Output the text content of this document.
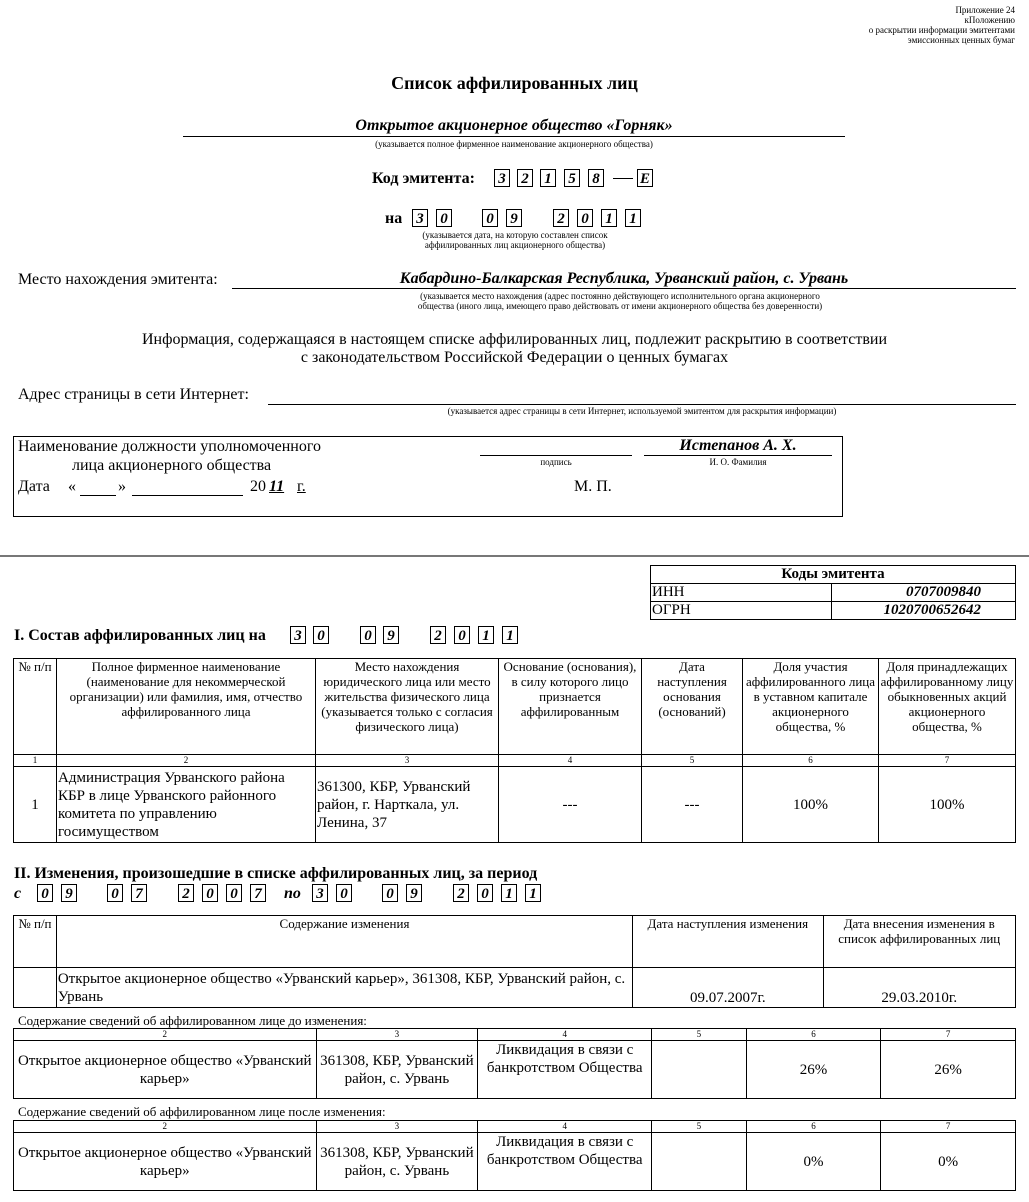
Приложение 24
кПоложению
о раскрытии информации эмитентами
эмиссионных ценных бумаг
Список аффилированных лиц
Открытое акционерное общество «Горняк»
(указывается полное фирменное наименование акционерного общества)
Код эмитента: 3 2 1 5 8	E
на 3 0	0 9	2 0 1 1
(указывается дата, на которую составлен список
аффилированных лиц акционерного общества)
Место нахождения эмитента:	Кабардино-Балкарская Республика, Урванский район, с. Урвань
(указывается место нахождения (адрес постоянно действующего исполнительного органа акционерного
общества (иного лица, имеющего право действовать от имени акционерного общества без доверенности)
Информация, содержащаяся в настоящем списке аффилированных лиц, подлежит раскрытию в соответствии
с законодательством Российской Федерации о ценных бумагах
Адрес страницы в сети Интернет:
(указывается адрес страницы в сети Интернет, используемой эмитентом для раскрытия информации)
Наименование должности уполномоченного
лица акционерного общества	подпись
Истепанов А. Х.
И. О. Фамилия
Дата «	»	20 11 г.	М. П.
Коды эмитента	
ИНН	0707009840
ОГРН	1020700652642
I. Состав аффилированных лиц на 3 0	0 9	2 0 1 1
№ п/п	Полное фирменное наименование (наименование для некоммерческой организации) или фамилия, имя, отчество аффилированного лица	Место нахождения юридического лица или место жительства физического лица (указывается только с согласия физического лица)	Основание (основания), в силу которого лицо признается аффилированным	Дата наступления основания (оснований)	Доля участия аффилированного лица в уставном капитале акционерного общества, %	Доля принадлежащих аффилированному лицу обыкновенных акций акционерного общества, %
1	2	3	4	5	6	7
1	Администрация Урванского района КБР в лице Урванского районного комитета по управлению госимуществом	361300, КБР, Урванский район, г. Нарткала, ул. Ленина, 37	---	---	100%	100%
II. Изменения, произошедшие в списке аффилированных лиц, за период
с 0 9	0 7	2 0 0 7 по 3 0	0 9	2 0 1 1
№ п/п	Содержание изменения	Дата наступления изменения	Дата внесения изменения в список аффилированных лиц
	Открытое акционерное общество «Урванский карьер», 361308, КБР, Урванский район, с. Урвань	09.07.2007г.	29.03.2010г.
Содержание сведений об аффилированном лице до изменения:
2	3	4	5	6	7
Открытое акционерное общество «Урванский карьер»	361308, КБР, Урванский район, с. Урвань	Ликвидация в связи с банкротством Общества		26%	26%
Содержание сведений об аффилированном лице после изменения:
2	3	4	5	6	7
Открытое акционерное общество «Урванский карьер»	361308, КБР, Урванский район, с. Урвань	Ликвидация в связи с банкротством Общества		0%	0%
